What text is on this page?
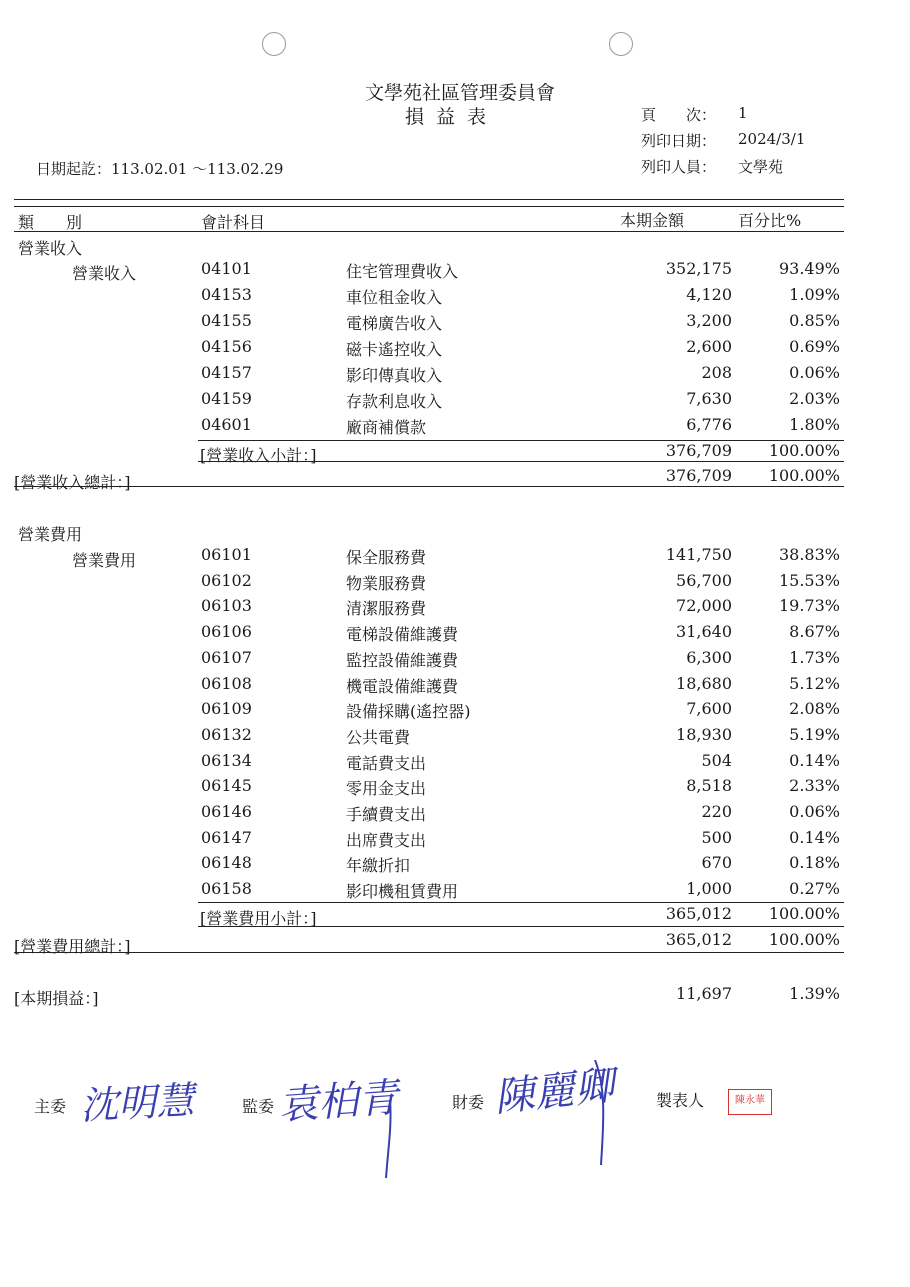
文學苑社區管理委員會
損益表	頁　　次： 1
列印日期： 2024/3/1
列印人員： 文學苑
日期起訖：113.02.01 ～113.02.29
類　　別	會計科目	本期金額	百分比%
營業收入
營業收入	04101	住宅管理費收入	352,175	93.49%
04153	車位租金收入	4,120	1.09%
04155	電梯廣告收入	3,200	0.85%
04156	磁卡遙控收入	2,600	0.69%
04157	影印傳真收入	208	0.06%
04159	存款利息收入	7,630	2.03%
04601	廠商補償款	6,776	1.80%
[營業收入小計：]	376,709	100.00%
[營業收入總計：]	376,709	100.00%
營業費用
營業費用	06101	保全服務費	141,750	38.83%
06102	物業服務費	56,700	15.53%
06103	清潔服務費	72,000	19.73%
06106	電梯設備維護費	31,640	8.67%
06107	監控設備維護費	6,300	1.73%
06108	機電設備維護費	18,680	5.12%
06109	設備採購(遙控器)	7,600	2.08%
06132	公共電費	18,930	5.19%
06134	電話費支出	504	0.14%
06145	零用金支出	8,518	2.33%
06146	手續費支出	220	0.06%
06147	出席費支出	500	0.14%
06148	年繳折扣	670	0.18%
06158	影印機租賃費用	1,000	0.27%
[營業費用小計：]	365,012	100.00%
[營業費用總計：]	365,012	100.00%
[本期損益：]	11,697	1.39%
主委 沈明慧	監委 袁柏青	財委 陳麗卿 製表人	陳永華
